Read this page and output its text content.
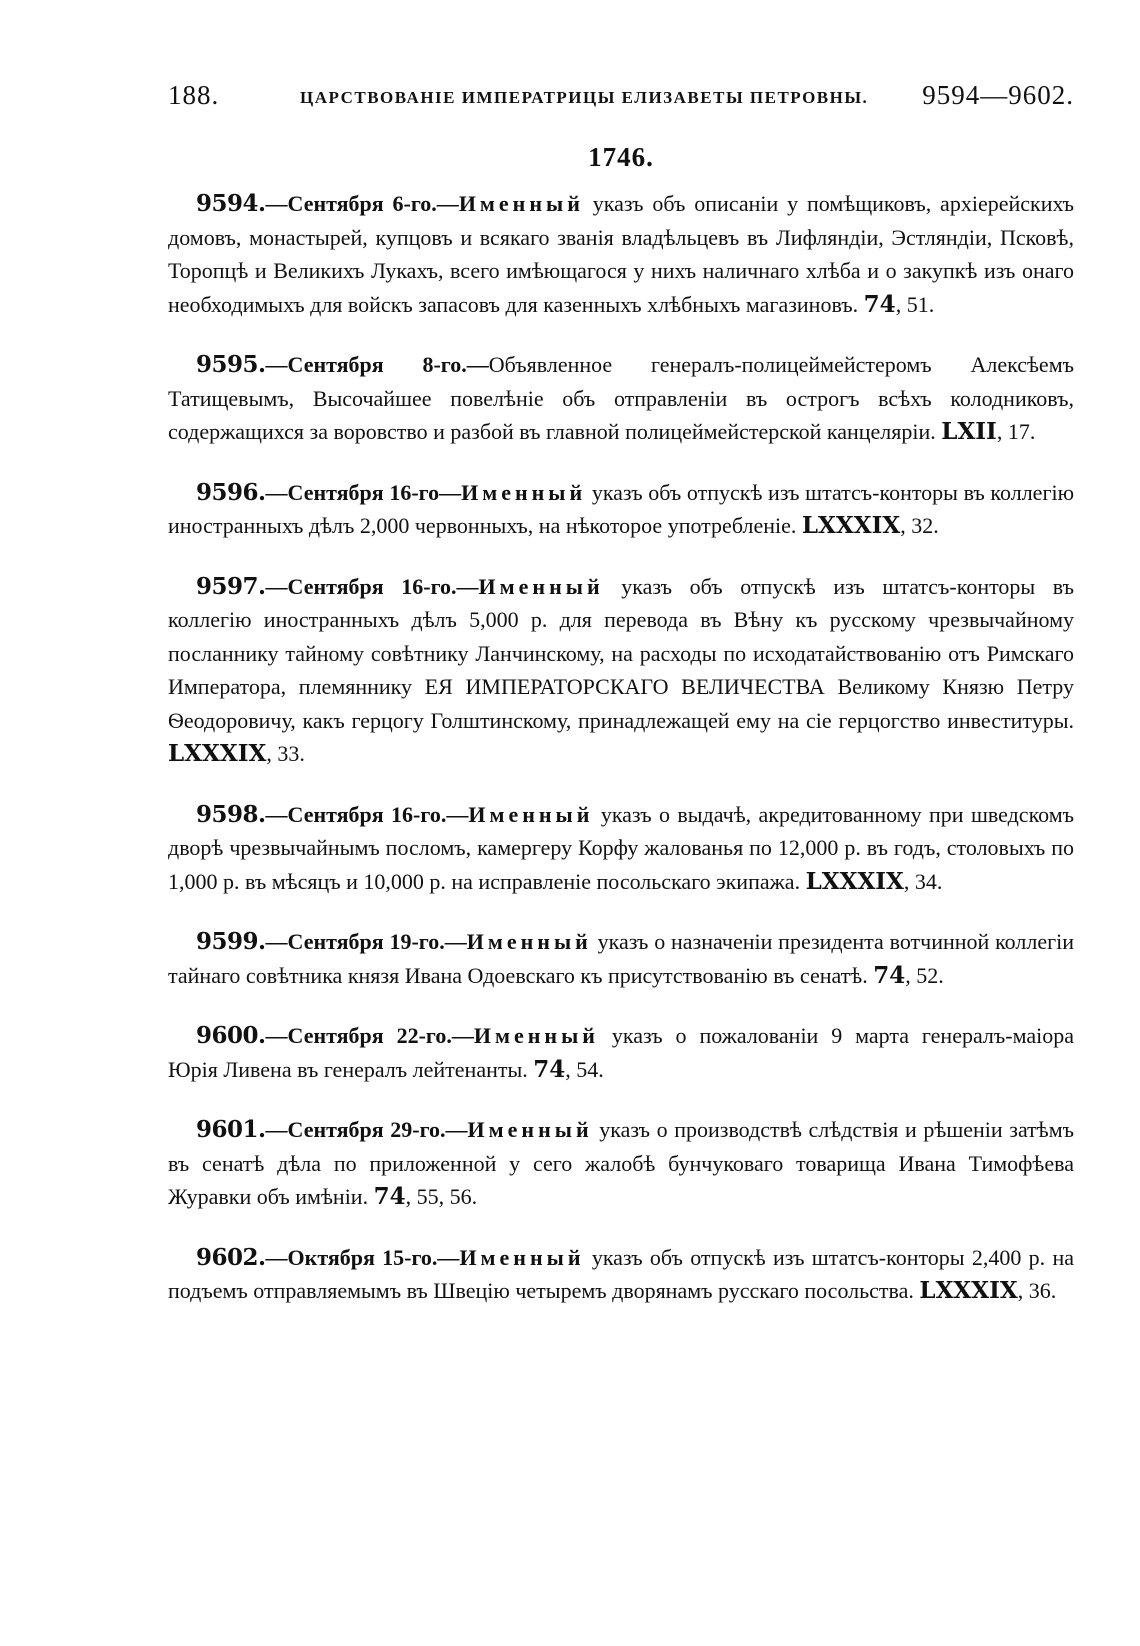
188.	ЦАРСТВОВАНІЕ ИМПЕРАТРИЦЫ ЕЛИЗАВЕТЫ ПЕТРОВНЫ. 9594—9602.
1746.

9594.—Сентября 6-го.—Именный указъ объ описаніи у помѣщиковъ, архіерейскихъ домовъ, монастырей, купцовъ и всякаго званія владѣльцевъ въ Лифляндіи, Эстляндіи, Псковѣ, Торопцѣ и Великихъ Лукахъ, всего имѣющагося у нихъ наличнаго хлѣба и о закупкѣ изъ онаго необходимыхъ для войскъ запасовъ для казенныхъ хлѣбныхъ магазиновъ. 74, 51.

9595.—Сентября 8-го.—Объявленное генералъ-полицеймейстеромъ Алексѣемъ Татищевымъ, Высочайшее повелѣніе объ отправленіи въ острогъ всѣхъ колодниковъ, содержащихся за воровство и разбой въ главной полицеймейстерской канцеляріи. LXII, 17.

9596.—Сентября 16-го—Именный указъ объ отпускѣ изъ штатсъ-конторы въ коллегію иностранныхъ дѣлъ 2,000 червонныхъ, на нѣкоторое употребленіе. LXXXIX, 32.

9597.—Сентября 16-го.—Именный указъ объ отпускѣ изъ штатсъ-конторы въ коллегію иностранныхъ дѣлъ 5,000 р. для перевода въ Вѣну къ русскому чрезвычайному посланнику тайному совѣтнику Ланчинскому, на расходы по исходатайствованію отъ Римскаго Императора, племяннику ЕЯ ИМПЕРАТОРСКАГО ВЕЛИЧЕСТВА Великому Князю Петру Ѳеодоровичу, какъ герцогу Голштинскому, принадлежащей ему на сіе герцогство инвеституры. LXXXIX, 33.

9598.—Сентября 16-го.—Именный указъ о выдачѣ, акредитованному при шведскомъ дворѣ чрезвычайнымъ посломъ, камергеру Корфу жалованья по 12,000 р. въ годъ, столовыхъ по 1,000 р. въ мѣсяцъ и 10,000 р. на исправленіе посольскаго экипажа. LXXXIX, 34.

9599.—Сентября 19-го.—Именный указъ о назначеніи президента вотчинной коллегіи тайнаго совѣтника князя Ивана Одоевскаго къ присутствованію въ сенатѣ. 74, 52.

9600.—Сентября 22-го.—Именный указъ о пожалованіи 9 марта генералъ-маіора Юрія Ливена въ генералъ лейтенанты. 74, 54.

9601.—Сентября 29-го.—Именный указъ о производствѣ слѣдствія и рѣшеніи затѣмъ въ сенатѣ дѣла по приложенной у сего жалобѣ бунчуковаго товарища Ивана Тимофѣева Журавки объ имѣніи. 74, 55, 56.

9602.—Октября 15-го.—Именный указъ объ отпускѣ изъ штатсъ-конторы 2,400 р. на подъемъ отправляемымъ въ Швецію четыремъ дворянамъ русскаго посольства. LXXXIX, 36.
